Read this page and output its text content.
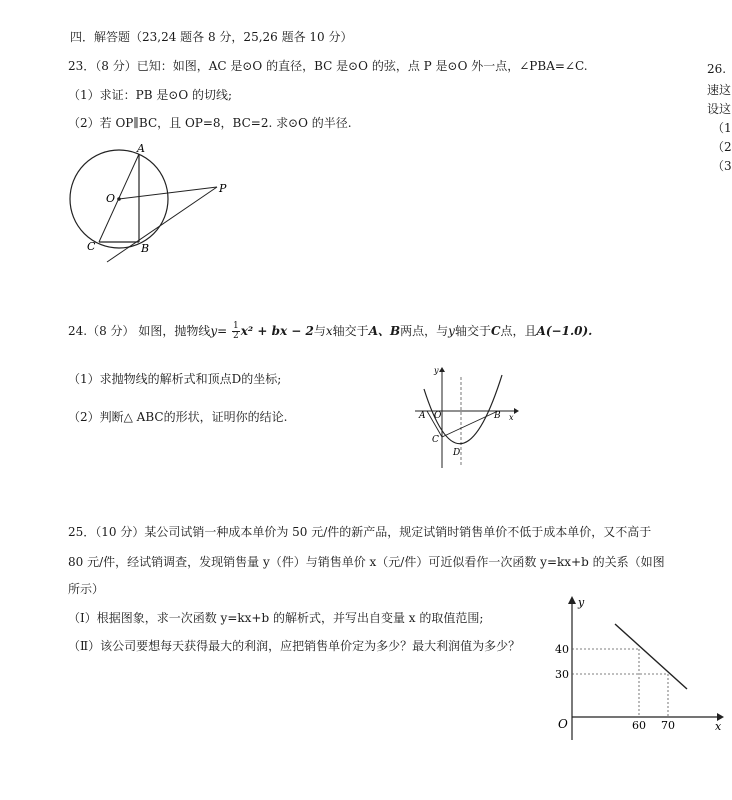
四．解答题（23,24 题各 8 分，25,26 题各 10 分）
23．（8 分）已知：如图，AC 是⊙O 的直径，BC 是⊙O 的弦，点 P 是⊙O 外一点，∠PBA=∠C.
（1）求证：PB 是⊙O 的切线;
（2）若 OP∥BC，且 OP=8，BC=2. 求⊙O 的半径.
A
O
P
C	B
24.（8 分） 如图，抛物线$y= \frac{1}{2} x^2$ + bx − 2与x轴交于A、B两点，与y轴交于C点，且A(−1.0).
（1）求抛物线的解析式和顶点D的坐标;
（2）判断△ ABC的形状，证明你的结论.
y
x
A O	B
C
D
25．（10 分）某公司试销一种成本单价为 50 元/件的新产品，规定试销时销售单价不低于成本单价，又不高于
80 元/件，经试销调查，发现销售量 y（件）与销售单价 x（元/件）可近似看作一次函数 y=kx+b 的关系（如图
所示）
（I）根据图象，求一次函数 y=kx+b 的解析式，并写出自变量 x 的取值范围;
（Ⅱ）该公司要想每天获得最大的利润，应把销售单价定为多少？最大利润值为多少？
y
x
O
40
30
60 70
26.
速这
设这
（1
（2
（3
